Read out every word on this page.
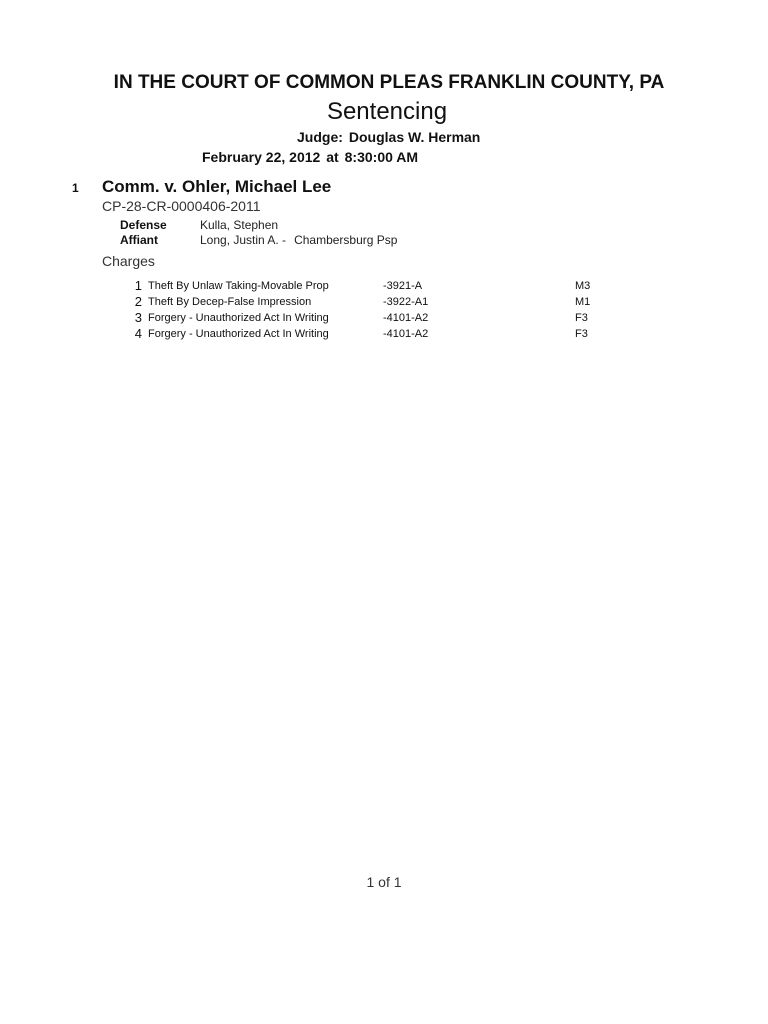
IN THE COURT OF COMMON PLEAS FRANKLIN COUNTY, PA
Sentencing
Judge: Douglas W. Herman
February 22, 2012 at 8:30:00 AM
1 Comm. v. Ohler, Michael Lee
CP-28-CR-0000406-2011
Defense	Kulla, Stephen
Affiant	Long, Justin A. - Chambersburg Psp
Charges
1 Theft By Unlaw Taking-Movable Prop	-3921-A	M3
2 Theft By Decep-False Impression	-3922-A1	M1
3 Forgery - Unauthorized Act In Writing	-4101-A2	F3
4 Forgery - Unauthorized Act In Writing	-4101-A2	F3
1 of 1
